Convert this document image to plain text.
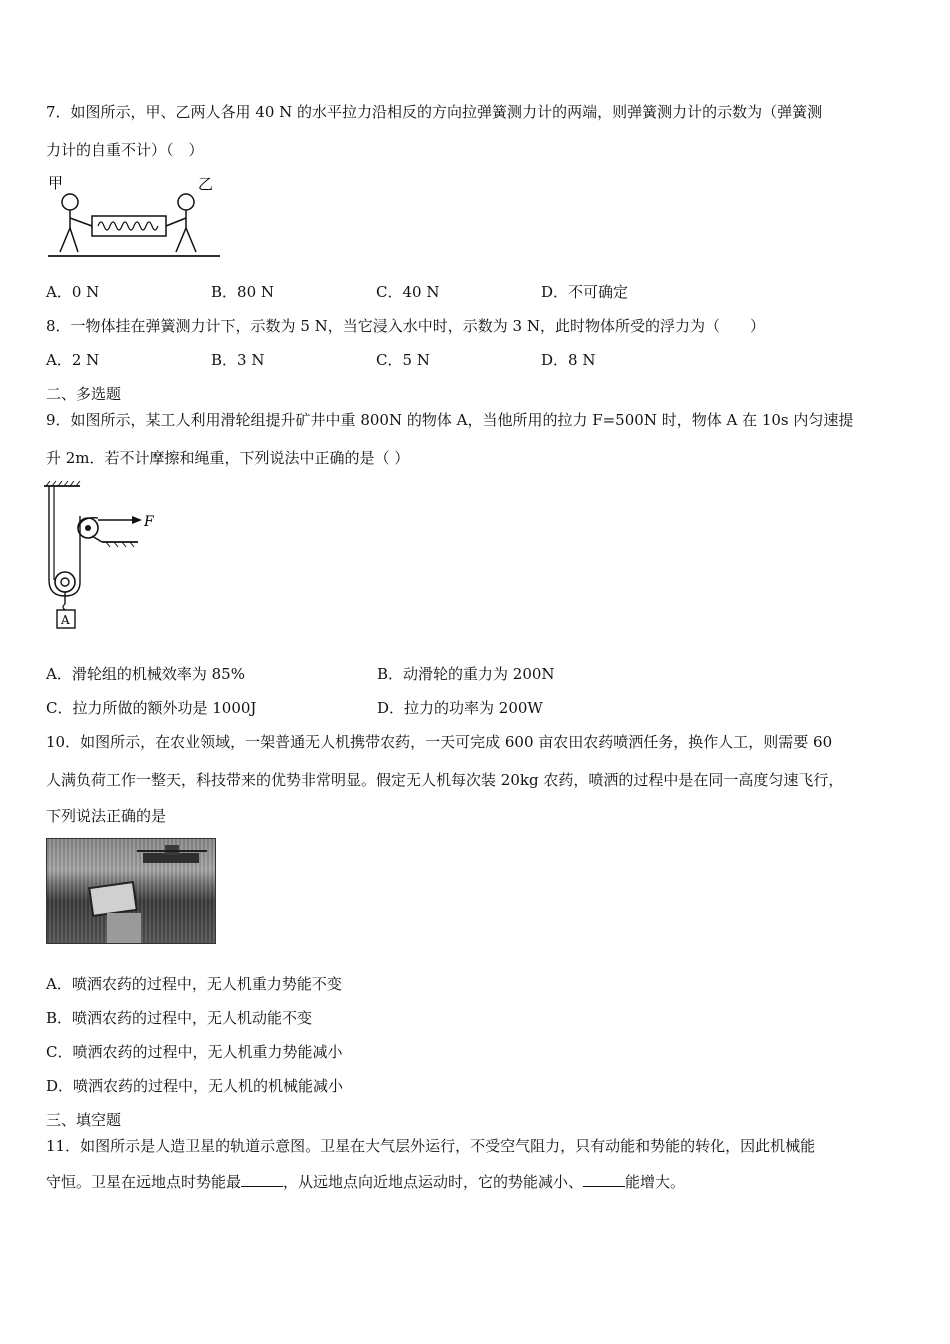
7．如图所示，甲、乙两人各用 40 N 的水平拉力沿相反的方向拉弹簧测力计的两端，则弹簧测力计的示数为（弹簧测
力计的自重不计）（　）
甲	乙
A．0 N	B．80 N	C．40 N	D．不可确定
8．一物体挂在弹簧测力计下，示数为 5 N，当它浸入水中时，示数为 3 N，此时物体所受的浮力为（　　）
A．2 N	B．3 N	C．5 N	D．8 N
二、多选题
9．如图所示，某工人利用滑轮组提升矿井中重 800N 的物体 A，当他所用的拉力 F=500N 时，物体 A 在 10s 内匀速提
升 2m．若不计摩擦和绳重，下列说法中正确的是（ ）
F
A
A．滑轮组的机械效率为 85%	B．动滑轮的重力为 200N
C．拉力所做的额外功是 1000J	D．拉力的功率为 200W
10．如图所示，在农业领域，一架普通无人机携带农药，一天可完成 600 亩农田农药喷洒任务，换作人工，则需要 60
人满负荷工作一整天，科技带来的优势非常明显。假定无人机每次装 20kg 农药，喷洒的过程中是在同一高度匀速飞行，
下列说法正确的是
A．喷洒农药的过程中，无人机重力势能不变
B．喷洒农药的过程中，无人机动能不变
C．喷洒农药的过程中，无人机重力势能减小
D．喷洒农药的过程中，无人机的机械能减小
三、填空题
11．如图所示是人造卫星的轨道示意图。卫星在大气层外运行，不受空气阻力，只有动能和势能的转化，因此机械能
守恒。卫星在远地点时势能最	，从远地点向近地点运动时，它的势能减小、	能增大。
